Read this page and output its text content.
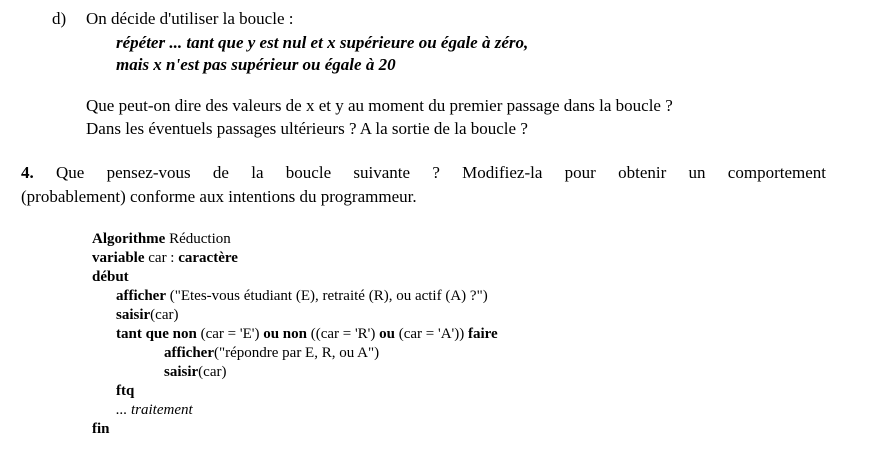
d) On décide d'utiliser la boucle :
répéter ... tant que y est nul et x supérieure ou égale à zéro,
mais x n'est pas supérieur ou égale à 20
Que peut-on dire des valeurs de x et y au moment du premier passage dans la boucle ?
Dans les éventuels passages ultérieurs ? A la sortie de la boucle ?
4. Que pensez-vous de la boucle suivante ? Modifiez-la pour obtenir un comportement
(probablement) conforme aux intentions du programmeur.
Algorithme Réduction
variable car : caractère
début
afficher ("Etes-vous étudiant (E), retraité (R), ou actif (A) ?")
saisir(car)
tant que non (car = 'E') ou non ((car = 'R') ou (car = 'A')) faire
afficher("répondre par E, R, ou A")
saisir(car)
ftq
... traitement
fin
